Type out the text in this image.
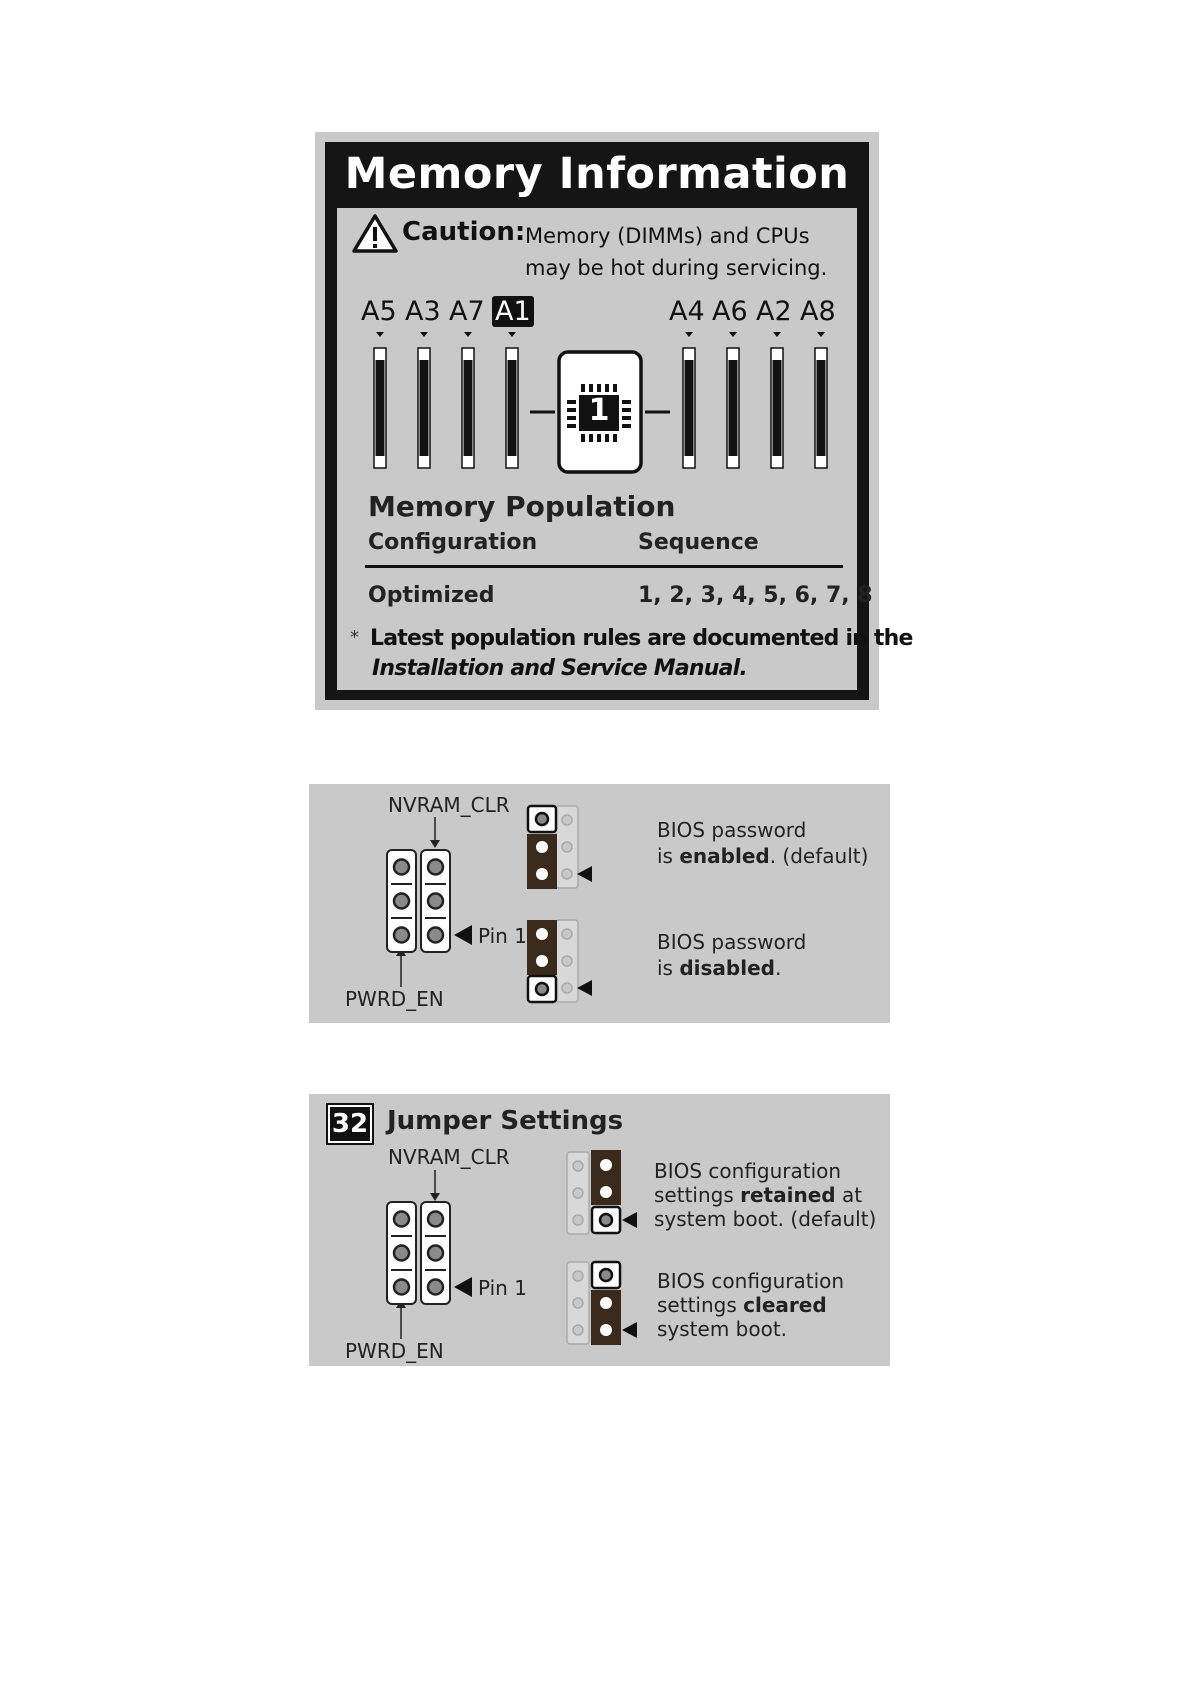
Memory Information
Caution: Memory (DIMMs) and CPUs
may be hot during servicing.
A5 A3 A7 A1	A4 A6 A2 A8
1
Memory Population
Configuration	Sequence
Optimized	1, 2, 3, 4, 5, 6, 7, 8
* Latest population rules are documented in the
Installation and Service Manual.
NVRAM_CLR
PWRD_EN
Pin 1
BIOS password
is enabled. (default)
BIOS password
is disabled.
32 Jumper Settings
NVRAM_CLR
PWRD_EN
Pin 1
BIOS configuration
settings retained at
system boot. (default)
BIOS configuration
settings cleared
system boot.
